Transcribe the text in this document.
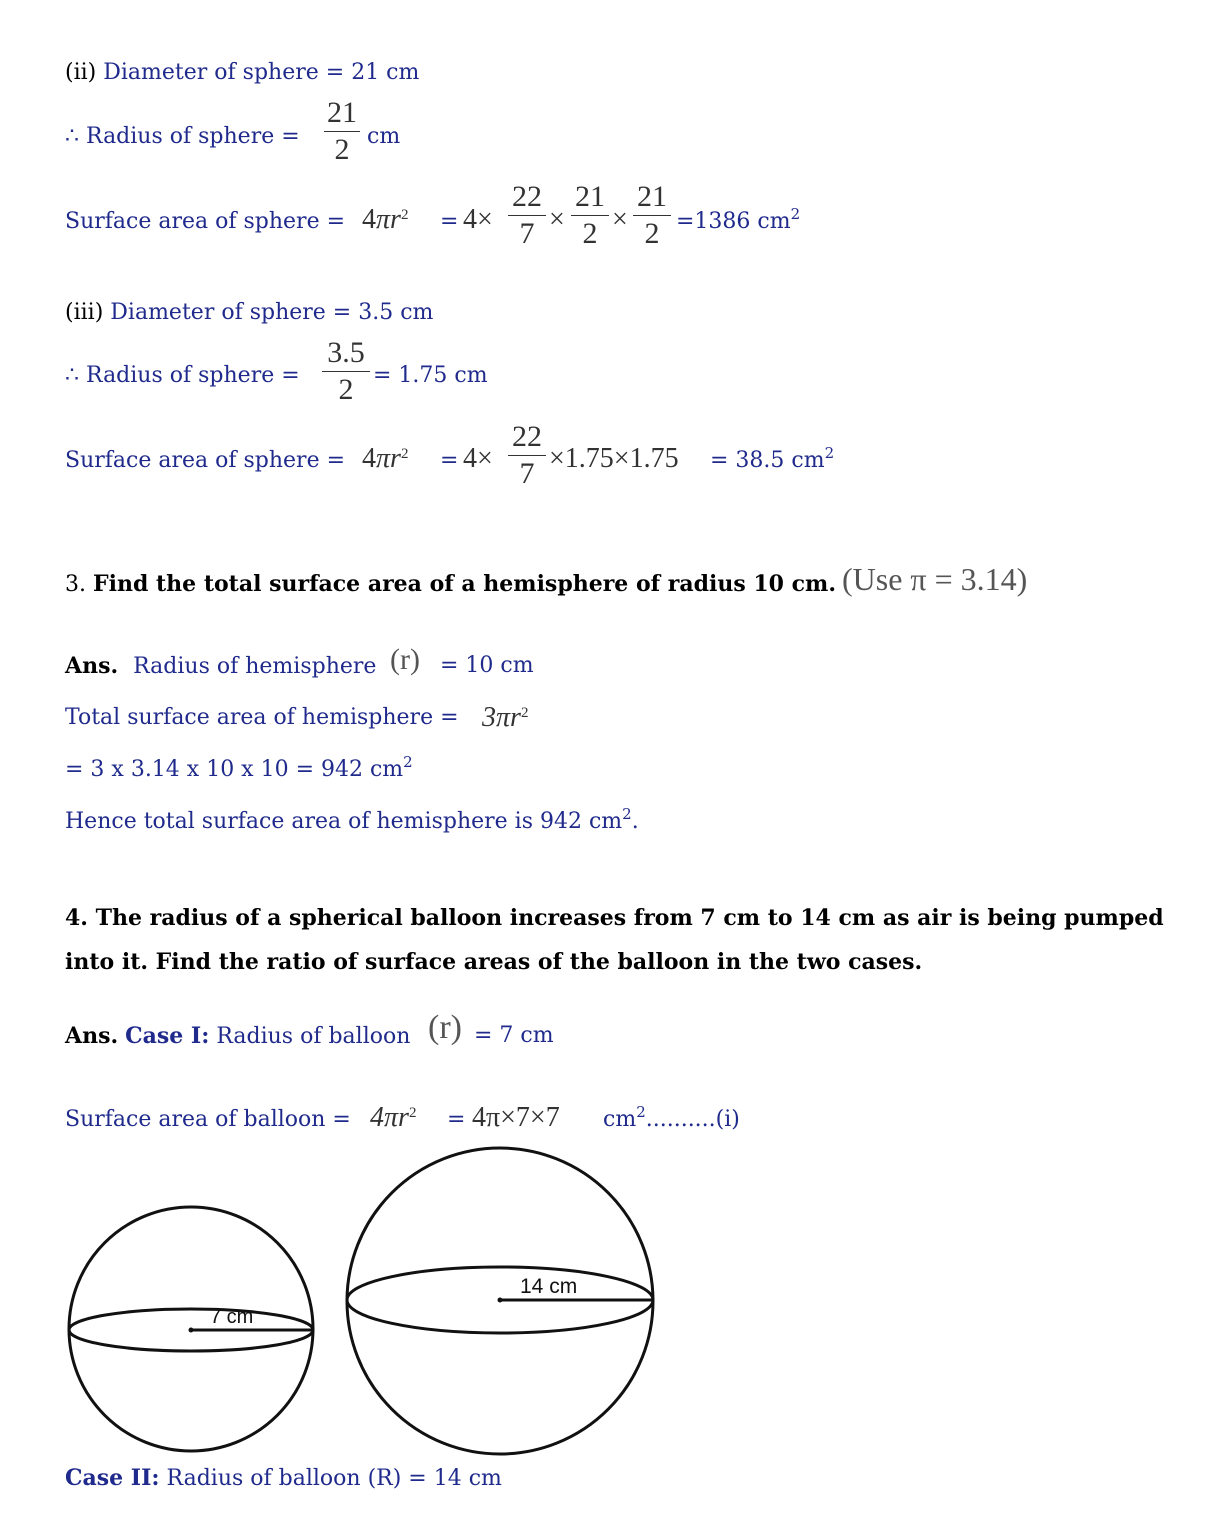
(ii) Diameter of sphere = 21 cm
∴ Radius of sphere =
21
2 cm
Surface area of sphere = $4\pi r^2 = 4\times$
22
7 ×
21
2 ×
21
2 =1386 $cm^2$
(iii) Diameter of sphere = 3.5 cm
∴ Radius of sphere =
3.5
2 = 1.75 cm
Surface area of sphere = $4\pi r^2 = 4\times$
22
7 ×1.75×1.75 = 38.5 $cm^2$
3. Find the total surface area of a hemisphere of radius 10 cm. (Use π = 3.14)
Ans. Radius of hemisphere (r) = 10 cm
Total surface area of hemisphere = $3\pi r^2$
= 3 x 3.14 x 10 x 10 = 942 $cm^2$
Hence total surface area of hemisphere is 942 $cm^2$.
4. The radius of a spherical balloon increases from 7 cm to 14 cm as air is being pumped
into it. Find the ratio of surface areas of the balloon in the two cases.
Ans. Case I: Radius of balloon (r) = 7 cm
Surface area of balloon = $4\pi r^2 = 4\pi\times 7\times 7$ $cm^2..........(i)$
7 cm
14 cm
Case II: Radius of balloon (R) = 14 cm
